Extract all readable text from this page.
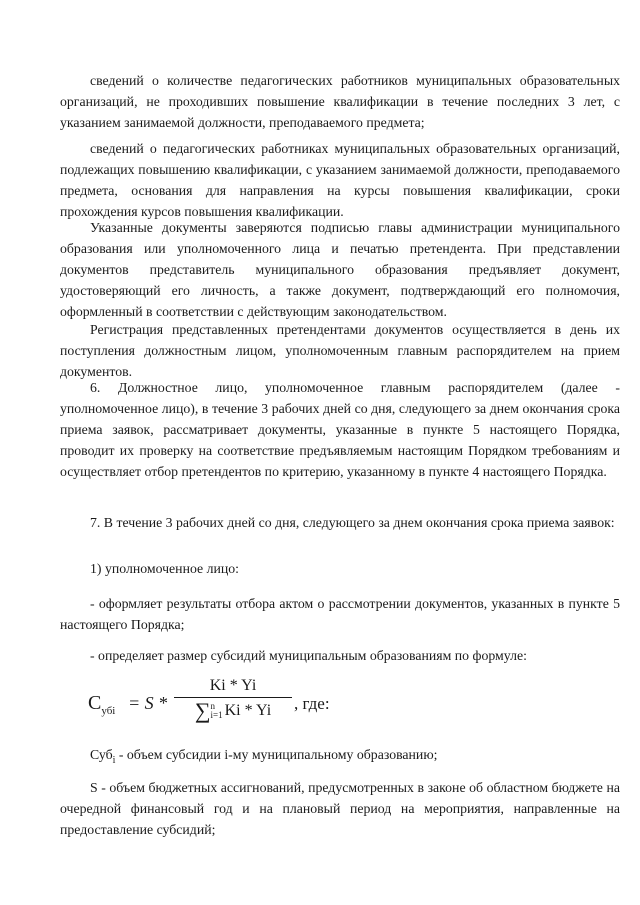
сведений о количестве педагогических работников муниципальных образовательных организаций, не проходивших повышение квалификации в течение последних 3 лет, с указанием занимаемой должности, преподаваемого предмета;

сведений о педагогических работниках муниципальных образовательных организаций, подлежащих повышению квалификации, с указанием занимаемой должности, преподаваемого предмета, основания для направления на курсы повышения квалификации, сроки прохождения курсов повышения квалификации.

Указанные документы заверяются подписью главы администрации муниципального образования или уполномоченного лица и печатью претендента. При представлении документов представитель муниципального образования предъявляет документ, удостоверяющий его личность, а также документ, подтверждающий его полномочия, оформленный в соответствии с действующим законодательством.

Регистрация представленных претендентами документов осуществляется в день их поступления должностным лицом, уполномоченным главным распорядителем на прием документов.

6. Должностное лицо, уполномоченное главным распорядителем (далее - уполномоченное лицо), в течение 3 рабочих дней со дня, следующего за днем окончания срока приема заявок, рассматривает документы, указанные в пункте 5 настоящего Порядка, проводит их проверку на соответствие предъявляемым настоящим Порядком требованиям и осуществляет отбор претендентов по критерию, указанному в пункте 4 настоящего Порядка.

7. В течение 3 рабочих дней со дня, следующего за днем окончания срока приема заявок:

1) уполномоченное лицо:

- оформляет результаты отбора актом о рассмотрении документов, указанных в пункте 5 настоящего Порядка;

- определяет размер субсидий муниципальным образованиям по формуле:

$С_{убi} = S$ *
Ki * Yi
∑n
i=1 Ki * Yi	, где:

Суб$_i$ - объем субсидии i-му муниципальному образованию;

S - объем бюджетных ассигнований, предусмотренных в законе об областном бюджете на очередной финансовый год и на плановый период на мероприятия, направленные на предоставление субсидий;
